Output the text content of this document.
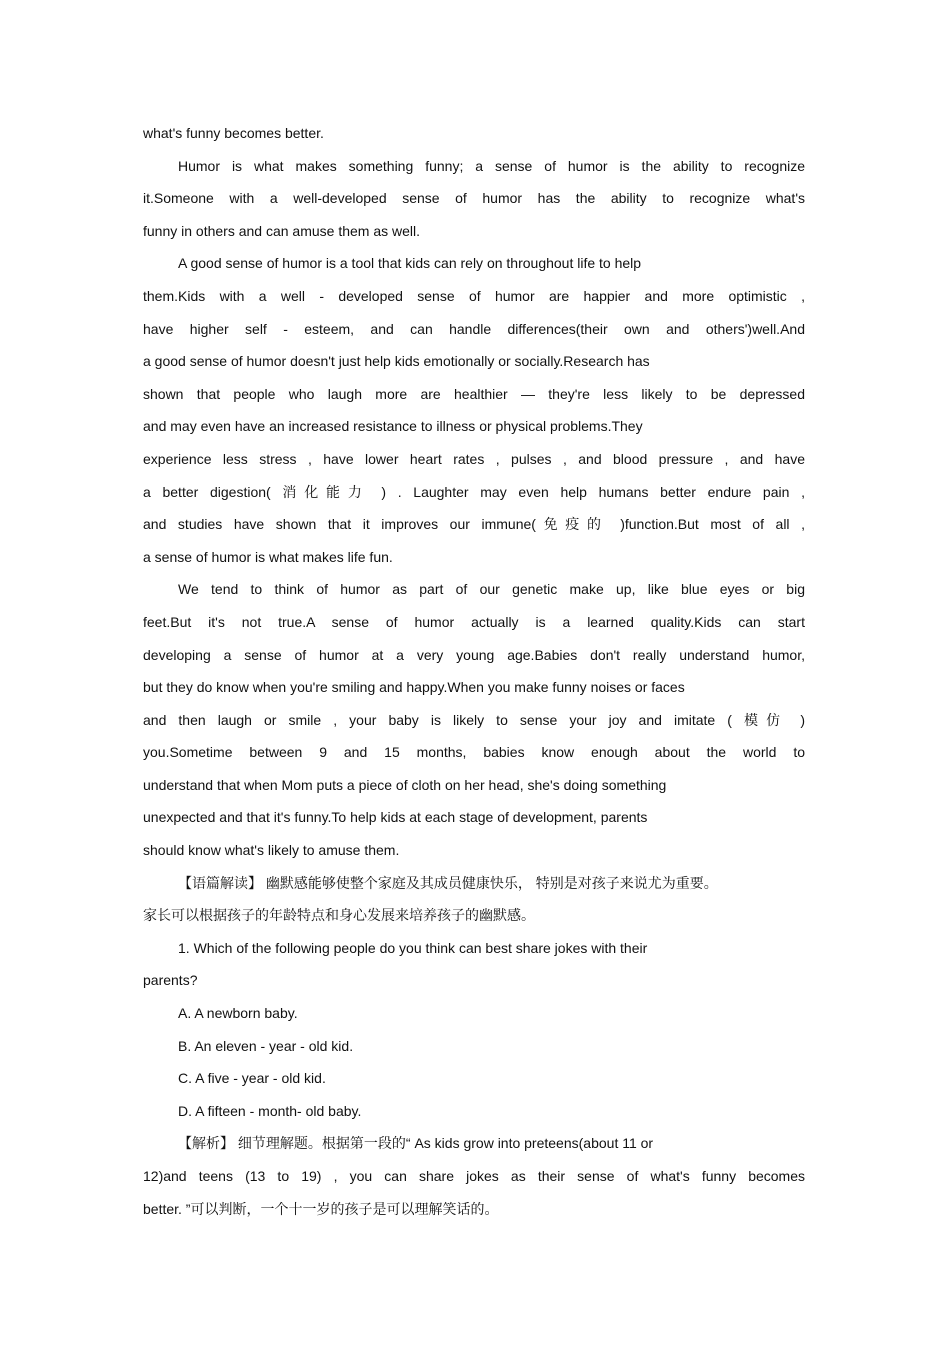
what's funny becomes better.
Humor is what makes something funny; a sense of humor is the ability to recognize
it.Someone with a well-developed sense of humor has the ability to recognize what's
funny in others and can amuse them as well.
A good sense of humor is a tool that kids can rely on throughout life to help
them.Kids with a well - developed sense of humor are happier and more optimistic ,
have higher self - esteem, and can handle differences(their own and others')well.And
a good sense of humor doesn't just help kids emotionally or socially.Research has
shown that people who laugh more are healthier — they're less likely to be depressed
and may even have an increased resistance to illness or physical problems.They
experience less stress , have lower heart rates , pulses , and blood pressure , and have
a better digestion( 消化能力 ) . Laughter may even help humans better endure pain ,
and studies have shown that it improves our immune(免疫的 )function.But most of all ,
a sense of humor is what makes life fun.
We tend to think of humor as part of our genetic make up, like blue eyes or big
feet.But it's not true.A sense of humor actually is a learned quality.Kids can start
developing a sense of humor at a very young age.Babies don't really understand humor,
but they do know when you're smiling and happy.When you make funny noises or faces
and then laugh or smile , your baby is likely to sense your joy and imitate ( 模仿 )
you.Sometime between 9 and 15 months, babies know enough about the world to
understand that when Mom puts a piece of cloth on her head, she's doing something
unexpected and that it's funny.To help kids at each stage of development, parents
should know what's likely to amuse them.
【语篇解读】 幽默感能够使整个家庭及其成员健康快乐， 特别是对孩子来说尤为重要。
家长可以根据孩子的年龄特点和身心发展来培养孩子的幽默感。
1. Which of the following people do you think can best share jokes with their
parents?
A. A newborn baby.
B. An eleven - year - old kid.
C. A five - year - old kid.
D. A fifteen - month- old baby.
【解析】 细节理解题。根据第一段的“ As kids grow into preteens(about 11 or
12)and teens (13 to 19) , you can share jokes as their sense of what's funny becomes
better. ”可以判断，一个十一岁的孩子是可以理解笑话的。
